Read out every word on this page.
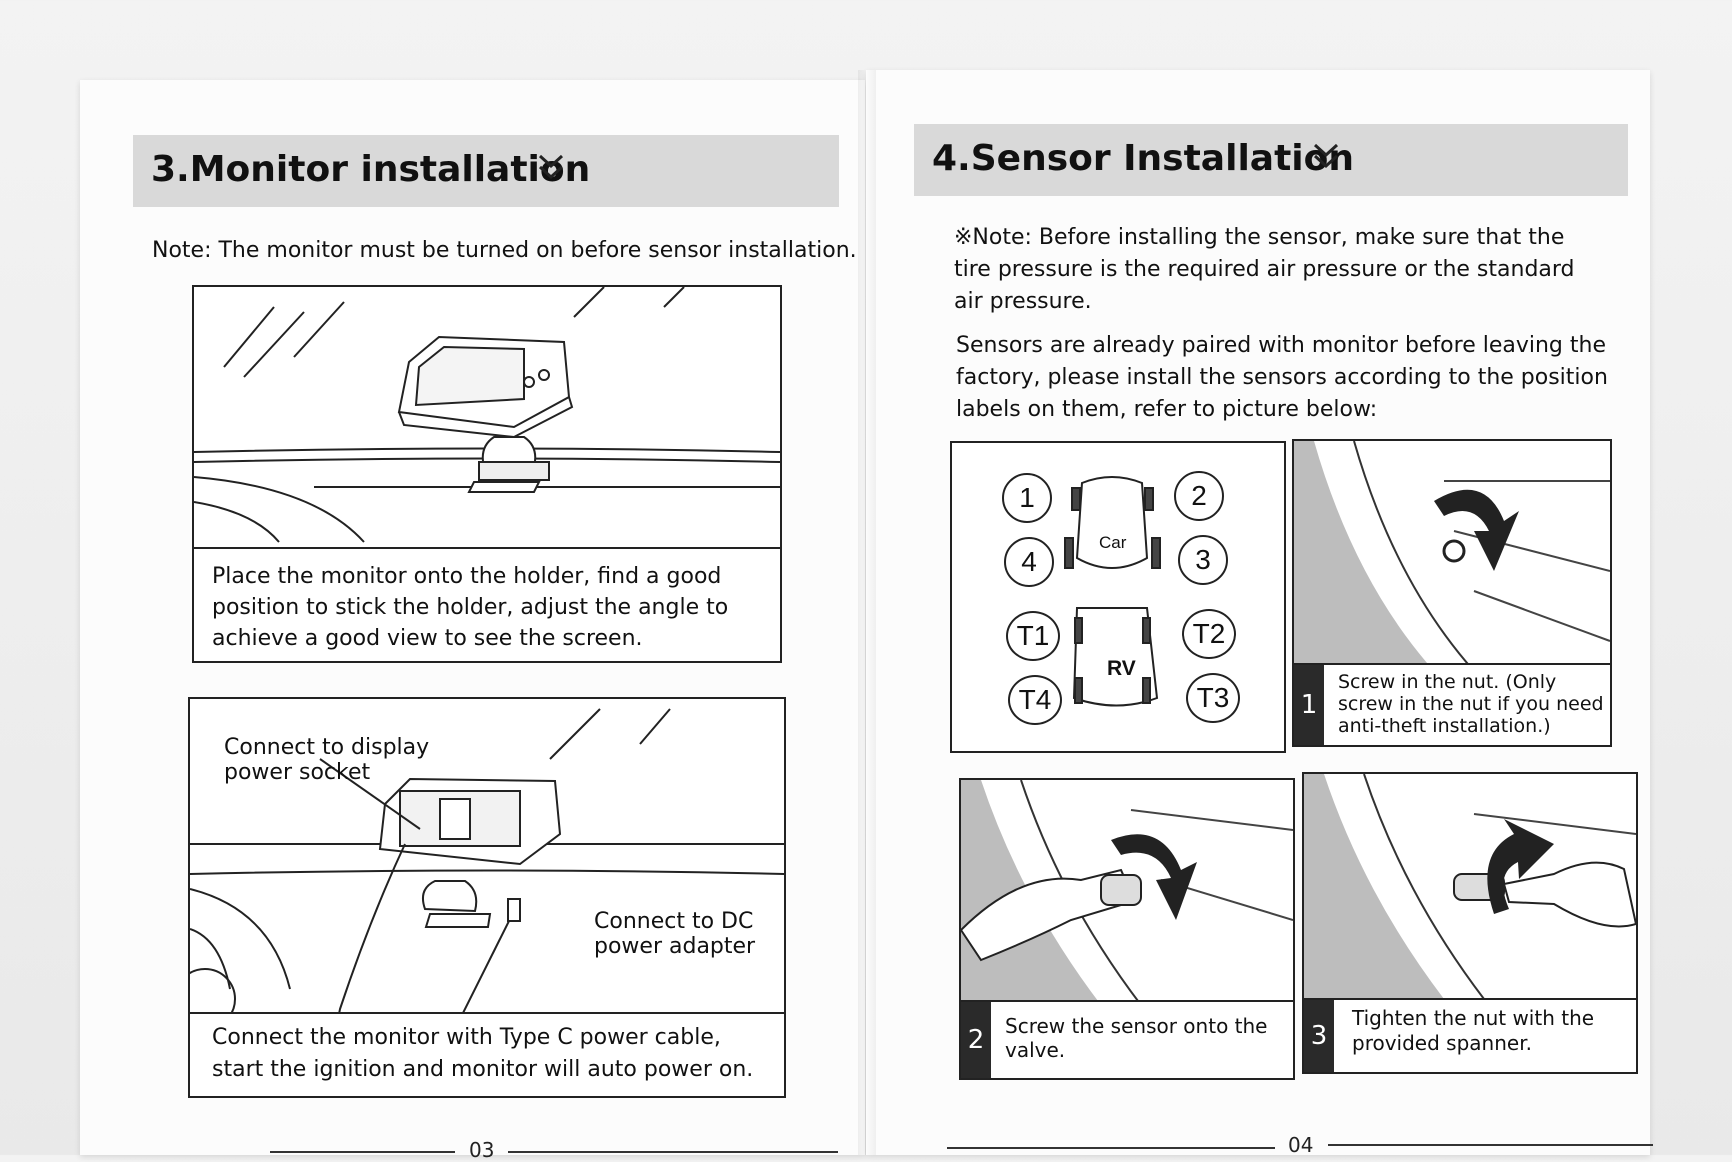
3.Monitor installation
Note: The monitor must be turned on before sensor installation.
Place the monitor onto the holder, find a good
position to stick the holder, adjust the angle to
achieve a good view to see the screen.
Connect to display
power socket
Connect to DC
power adapter
Connect the monitor with Type C power cable,
start the ignition and monitor will auto power on.
03
4.Sensor Installation
※Note: Before installing the sensor, make sure that the
tire pressure is the required air pressure or the standard
air pressure.
Sensors are already paired with monitor before leaving the
factory, please install the sensors according to the position
labels on them, refer to picture below:
Car
RV
1	2
4	3
T1	T2
T4	T3	1
Screw in the nut. (Only
screw in the nut if you need
anti-theft installation.)
2	Screw the sensor onto the
valve.	3
Tighten the nut with the
provided spanner.
04
